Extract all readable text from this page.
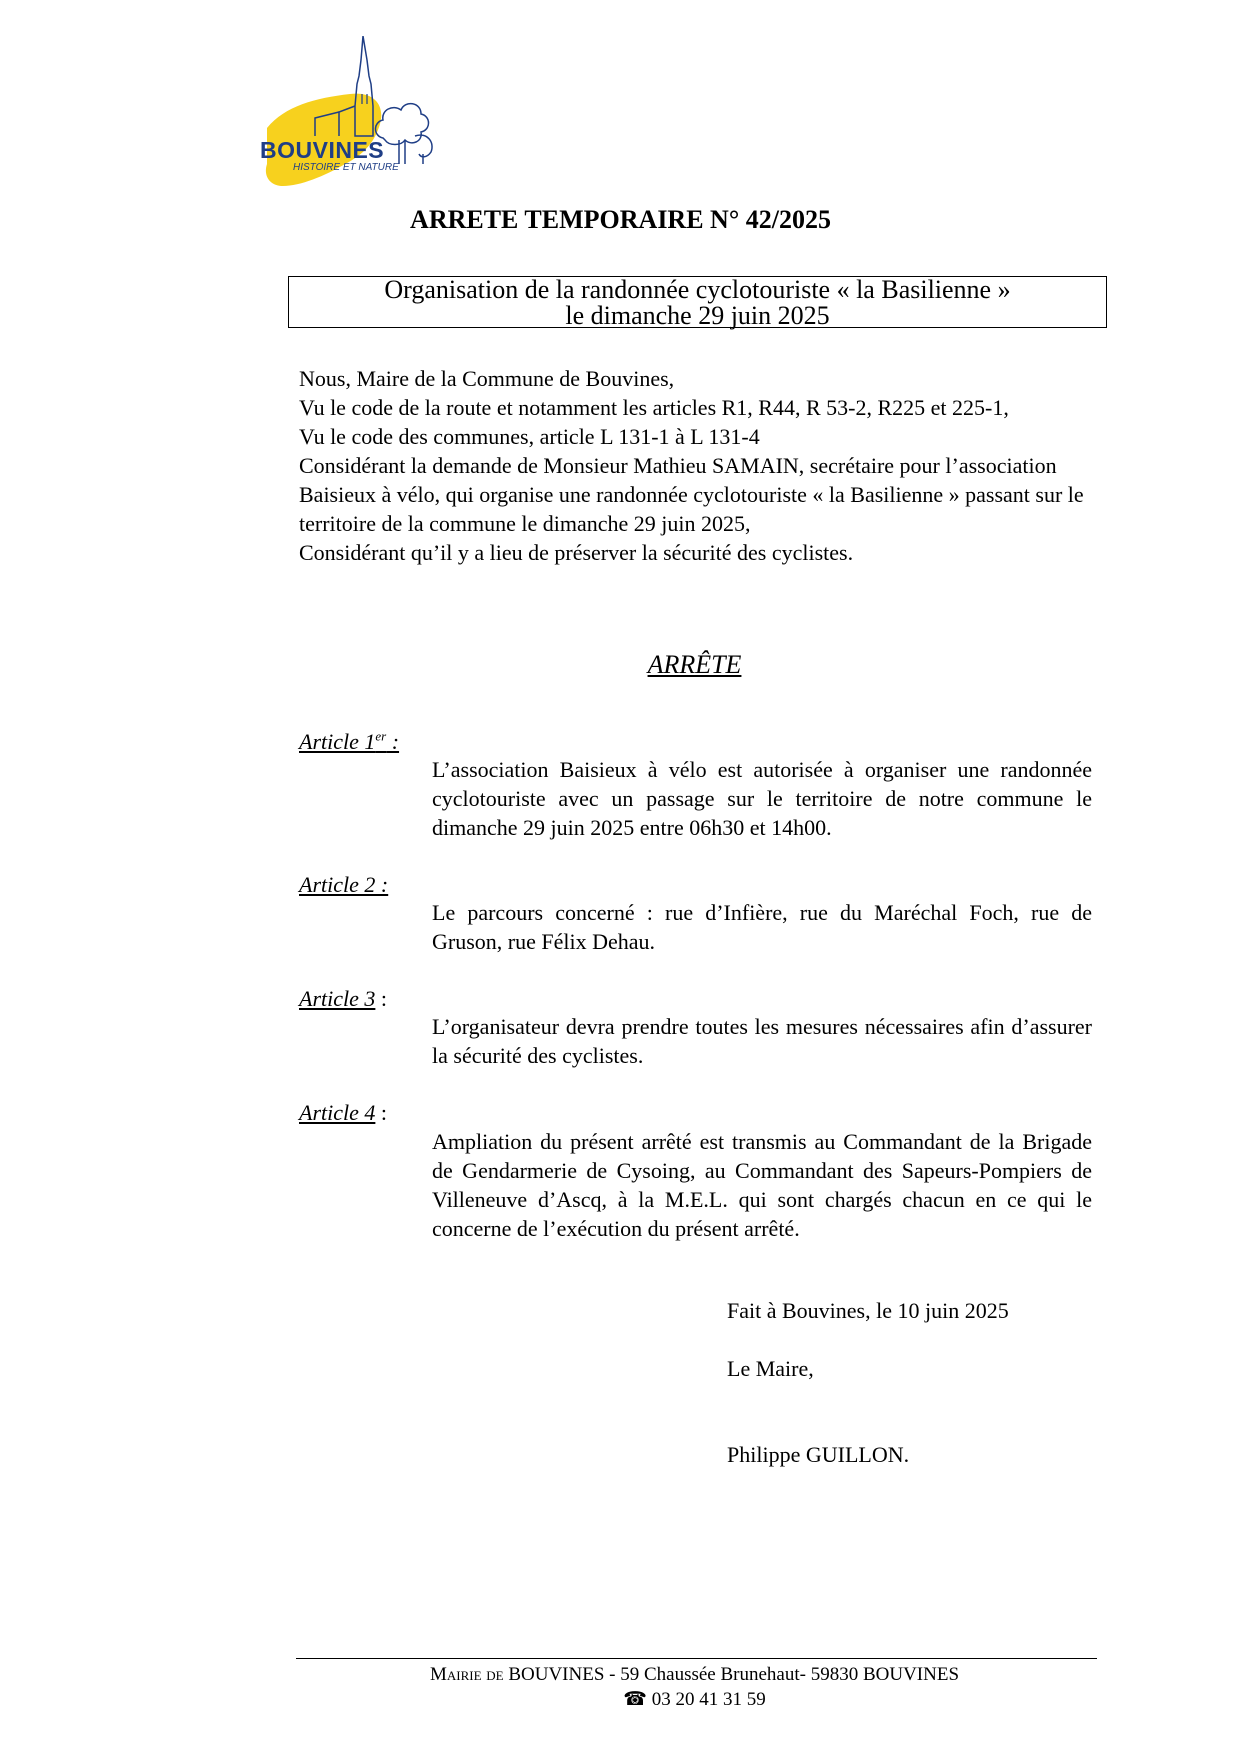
BOUVINES
HISTOIRE ET NATURE
ARRETE TEMPORAIRE N° 42/2025
Organisation de la randonnée cyclotouriste « la Basilienne »
le dimanche 29 juin 2025

Nous, Maire de la Commune de Bouvines,

Vu le code de la route et notamment les articles R1, R44, R 53-2, R225 et 225-1,

Vu le code des communes, article L 131-1 à L 131-4

Considérant la demande de Monsieur Mathieu SAMAIN, secrétaire pour l’association Baisieux à vélo, qui organise une randonnée cyclotouriste « la Basilienne » passant sur le territoire de la commune le dimanche 29 juin 2025,

Considérant qu’il y a lieu de préserver la sécurité des cyclistes.

ARRÊTE
Article 1er :
L’association Baisieux à vélo est autorisée à organiser une randonnée cyclotouriste avec un passage sur le territoire de notre commune le dimanche 29 juin 2025 entre 06h30 et 14h00.
Article 2 :
Le parcours concerné : rue d’Infière, rue du Maréchal Foch, rue de Gruson, rue Félix Dehau.
Article 3 :
L’organisateur devra prendre toutes les mesures nécessaires afin d’assurer la sécurité des cyclistes.
Article 4 :
Ampliation du présent arrêté est transmis au Commandant de la Brigade de Gendarmerie de Cysoing, au Commandant des Sapeurs-Pompiers de Villeneuve d’Ascq, à la M.E.L. qui sont chargés chacun en ce qui le concerne de l’exécution du présent arrêté.
Fait à Bouvines, le 10 juin 2025
Le Maire,
Philippe GUILLON.
Mairie de BOUVINES - 59 Chaussée Brunehaut- 59830 BOUVINES
☎ 03 20 41 31 59
